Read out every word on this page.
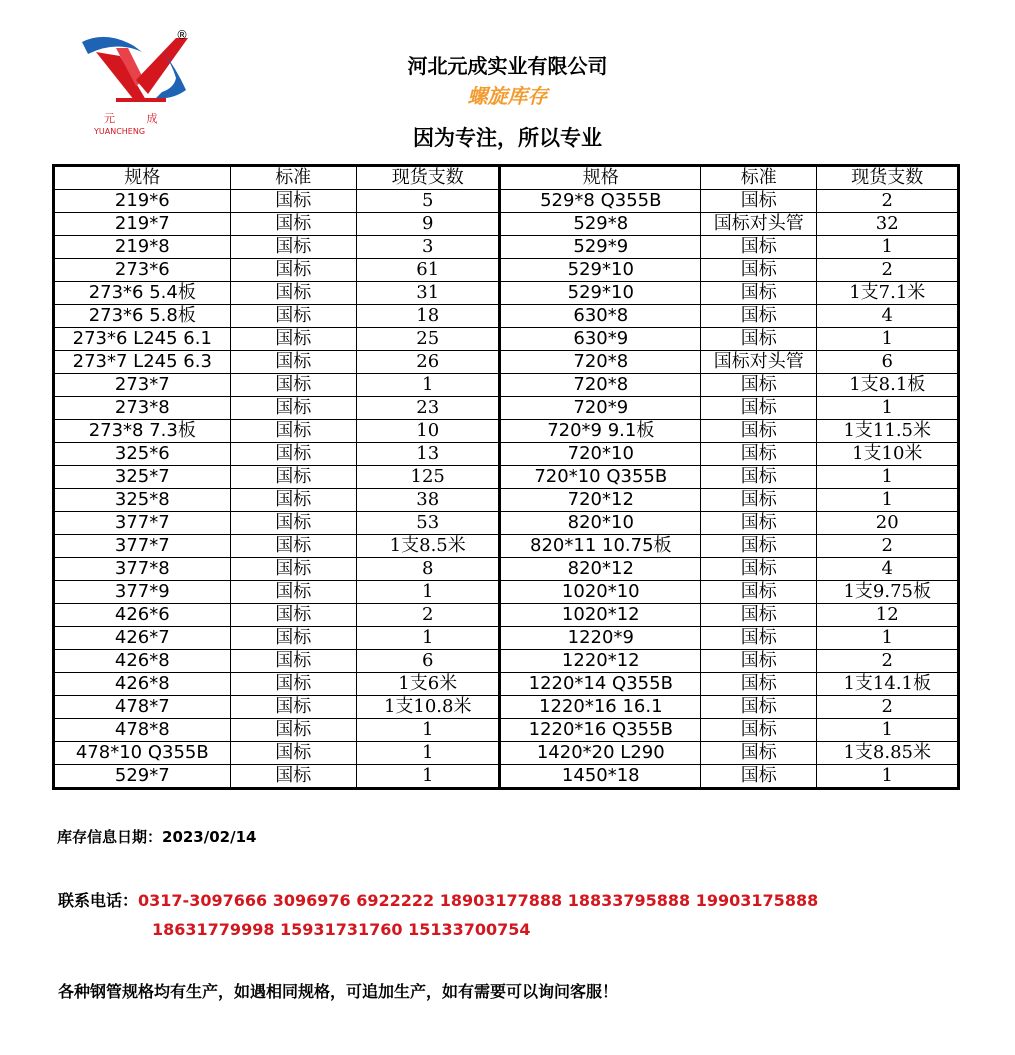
®
元 成
YUANCHENG
河北元成实业有限公司
螺旋库存
因为专注，所以专业
规格	标准	现货支数	规格	标准	现货支数
219*6	国标	5	529*8 Q355B	国标	2
219*7	国标	9	529*8	国标对头管	32
219*8	国标	3	529*9	国标	1
273*6	国标	61	529*10	国标	2
273*6 5.4板	国标	31	529*10	国标	1支7.1米
273*6 5.8板	国标	18	630*8	国标	4
273*6 L245 6.1	国标	25	630*9	国标	1
273*7 L245 6.3	国标	26	720*8	国标对头管	6
273*7	国标	1	720*8	国标	1支8.1板
273*8	国标	23	720*9	国标	1
273*8 7.3板	国标	10	720*9 9.1板	国标	1支11.5米
325*6	国标	13	720*10	国标	1支10米
325*7	国标	125	720*10 Q355B	国标	1
325*8	国标	38	720*12	国标	1
377*7	国标	53	820*10	国标	20
377*7	国标	1支8.5米	820*11 10.75板	国标	2
377*8	国标	8	820*12	国标	4
377*9	国标	1	1020*10	国标	1支9.75板
426*6	国标	2	1020*12	国标	12
426*7	国标	1	1220*9	国标	1
426*8	国标	6	1220*12	国标	2
426*8	国标	1支6米	1220*14 Q355B	国标	1支14.1板
478*7	国标	1支10.8米	1220*16 16.1	国标	2
478*8	国标	1	1220*16 Q355B	国标	1
478*10 Q355B	国标	1	1420*20 L290	国标	1支8.85米
529*7	国标	1	1450*18	国标	1
库存信息日期：2023/02/14
联系电话：0317-3097666 3096976 6922222 18903177888 18833795888 19903175888
18631779998 15931731760 15133700754
各种钢管规格均有生产，如遇相同规格，可追加生产，如有需要可以询问客服！
